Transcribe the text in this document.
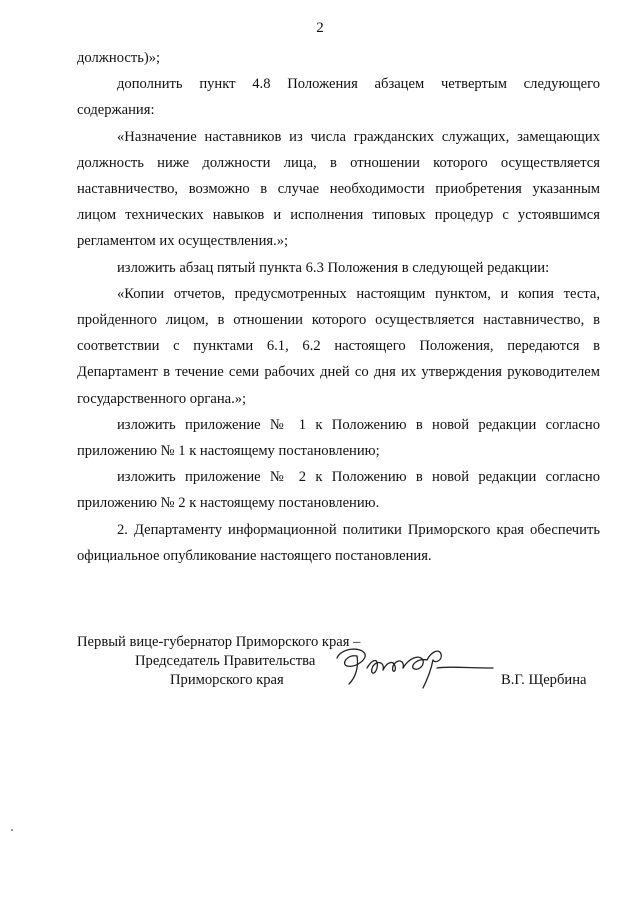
2

должность)»;

дополнить пункт 4.8 Положения абзацем четвертым следующего содержания:

«Назначение наставников из числа гражданских служащих, замещающих должность ниже должности лица, в отношении которого осуществляется наставничество, возможно в случае необходимости приобретения указанным лицом технических навыков и исполнения типовых процедур с устоявшимся регламентом их осуществления.»;

изложить абзац пятый пункта 6.3 Положения в следующей редакции:

«Копии отчетов, предусмотренных настоящим пунктом, и копия теста, пройденного лицом, в отношении которого осуществляется наставничество, в соответствии с пунктами 6.1, 6.2 настоящего Положения, передаются в Департамент в течение семи рабочих дней со дня их утверждения руководителем государственного органа.»;

изложить приложение № 1 к Положению в новой редакции согласно приложению № 1 к настоящему постановлению;

изложить приложение № 2 к Положению в новой редакции согласно приложению № 2 к настоящему постановлению.

2. Департаменту информационной политики Приморского края обеспечить официальное опубликование настоящего постановления.

Первый вице-губернатор Приморского края –
Председатель Правительства
Приморского края	В.Г. Щербина
